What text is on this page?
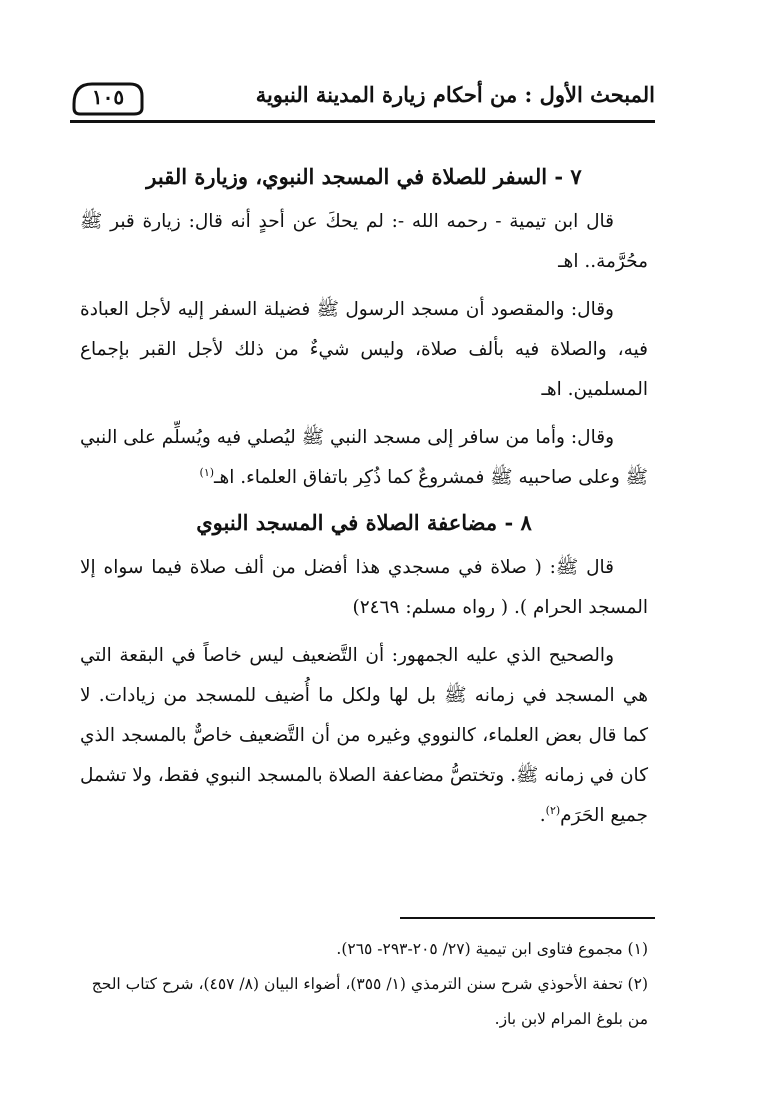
المبحث الأول : من أحكام زيارة المدينة النبوية
١٠٥
٧ - السفر للصلاة في المسجد النبوي، وزيارة القبر

قال ابن تيمية - رحمه الله -: لم يحكَ عن أحدٍ أنه قال: زيارة قبر ﷺ محُرَّمة.. اهـ

وقال: والمقصود أن مسجد الرسول ﷺ فضيلة السفر إليه لأجل العبادة فيه، والصلاة فيه بألف صلاة، وليس شيءٌ من ذلك لأجل القبر بإجماع المسلمين. اهـ

وقال: وأما من سافر إلى مسجد النبي ﷺ ليُصلي فيه ويُسلِّم على النبي ﷺ وعلى صاحبيه ﷺ فمشروعٌ كما ذُكِر باتفاق العلماء. اهـ$^{(١)}$

٨ - مضاعفة الصلاة في المسجد النبوي

قال ﷺ: ( صلاة في مسجدي هذا أفضل من ألف صلاة فيما سواه إلا المسجد الحرام ). ( رواه مسلم: ٢٤٦٩)

والصحيح الذي عليه الجمهور: أن التَّضعيف ليس خاصاً في البقعة التي هي المسجد في زمانه ﷺ بل لها ولكل ما أُضيف للمسجد من زيادات. لا كما قال بعض العلماء، كالنووي وغيره من أن التَّضعيف خاصٌّ بالمسجد الذي كان في زمانه ﷺ. وتختصُّ مضاعفة الصلاة بالمسجد النبوي فقط، ولا تشمل جميع الحَرَم$^{(٢)}$.

(١) مجموع فتاوى ابن تيمية (٢٧/ ٢٠٥-٢٩٣- ٢٦٥).
(٢) تحفة الأحوذي شرح سنن الترمذي (١/ ٣٥٥)، أضواء البيان (٨/ ٤٥٧)، شرح كتاب الحج
من بلوغ المرام لابن باز.
